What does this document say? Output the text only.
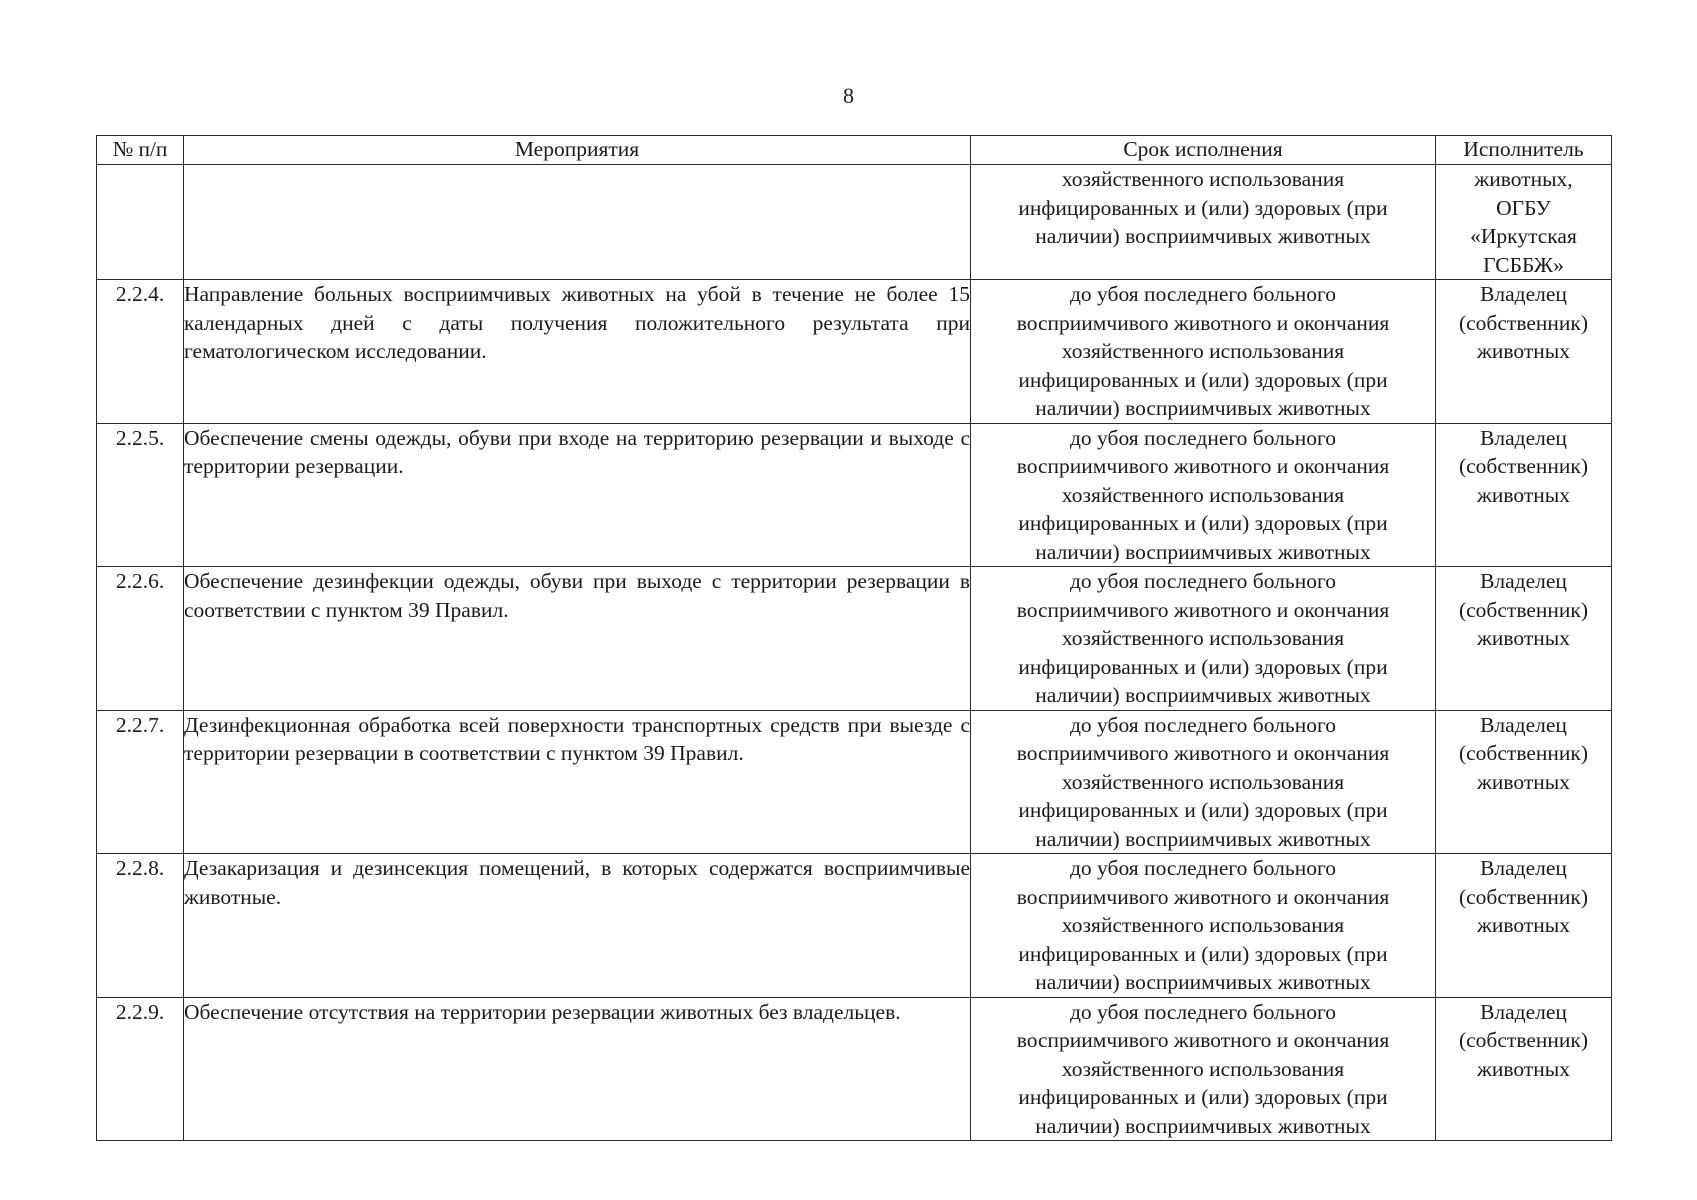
8
№ п/п	Мероприятия	Срок исполнения	Исполнитель

		хозяйственного использования
инфицированных и (или) здоровых (при
наличии) восприимчивых животных	животных,
ОГБУ
«Иркутская
ГСББЖ»

2.2.4.	Направление больных восприимчивых животных на убой в течение не более 15 календарных дней с даты получения положительного результата при гематологическом исследовании.	до убоя последнего больного
восприимчивого животного и окончания
хозяйственного использования
инфицированных и (или) здоровых (при
наличии) восприимчивых животных	Владелец
(собственник)
животных

2.2.5.	Обеспечение смены одежды, обуви при входе на территорию резервации и выходе с территории резервации.	до убоя последнего больного
восприимчивого животного и окончания
хозяйственного использования
инфицированных и (или) здоровых (при
наличии) восприимчивых животных	Владелец
(собственник)
животных

2.2.6.	Обеспечение дезинфекции одежды, обуви при выходе с территории резервации в соответствии с пунктом 39 Правил.	до убоя последнего больного
восприимчивого животного и окончания
хозяйственного использования
инфицированных и (или) здоровых (при
наличии) восприимчивых животных	Владелец
(собственник)
животных

2.2.7.	Дезинфекционная обработка всей поверхности транспортных средств при выезде с территории резервации в соответствии с пунктом 39 Правил.	до убоя последнего больного
восприимчивого животного и окончания
хозяйственного использования
инфицированных и (или) здоровых (при
наличии) восприимчивых животных	Владелец
(собственник)
животных

2.2.8.	Дезакаризация и дезинсекция помещений, в которых содержатся восприимчивые животные.	до убоя последнего больного
восприимчивого животного и окончания
хозяйственного использования
инфицированных и (или) здоровых (при
наличии) восприимчивых животных	Владелец
(собственник)
животных

2.2.9.	Обеспечение отсутствия на территории резервации животных без владельцев.	до убоя последнего больного
восприимчивого животного и окончания
хозяйственного использования
инфицированных и (или) здоровых (при
наличии) восприимчивых животных	Владелец
(собственник)
животных
